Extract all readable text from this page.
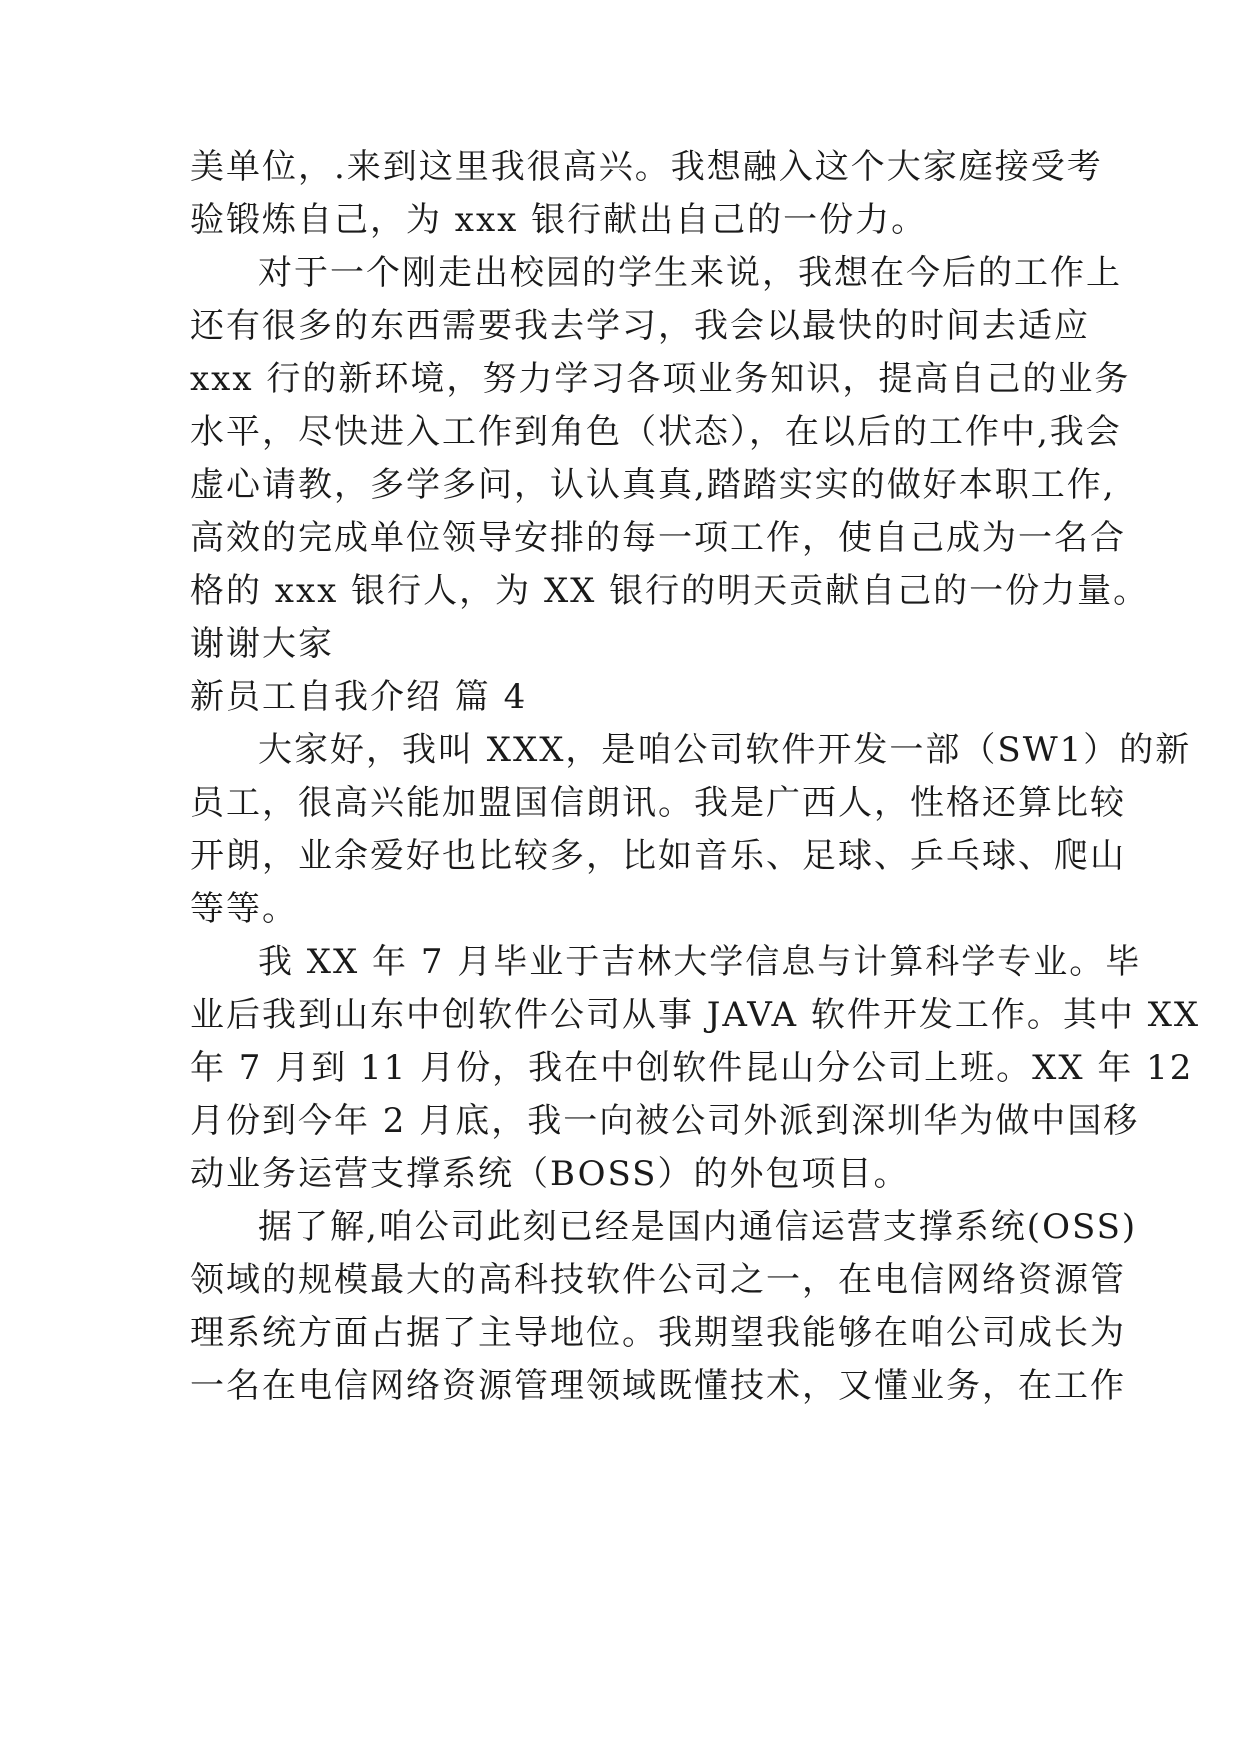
美单位，.来到这里我很高兴。我想融入这个大家庭接受考
验锻炼自己，为 xxx 银行献出自己的一份力。
对于一个刚走出校园的学生来说，我想在今后的工作上
还有很多的东西需要我去学习，我会以最快的时间去适应
xxx 行的新环境，努力学习各项业务知识，提高自己的业务
水平，尽快进入工作到角色（状态），在以后的工作中,我会
虚心请教，多学多问，认认真真,踏踏实实的做好本职工作,
高效的完成单位领导安排的每一项工作，使自己成为一名合
格的 xxx 银行人，为 XX 银行的明天贡献自己的一份力量。
谢谢大家
新员工自我介绍 篇 4
大家好，我叫 XXX，是咱公司软件开发一部（SW1）的新
员工，很高兴能加盟国信朗讯。我是广西人，性格还算比较
开朗，业余爱好也比较多，比如音乐、足球、乒乓球、爬山
等等。
我 XX 年 7 月毕业于吉林大学信息与计算科学专业。毕
业后我到山东中创软件公司从事 JAVA 软件开发工作。其中 XX
年 7 月到 11 月份，我在中创软件昆山分公司上班。XX 年 12
月份到今年 2 月底，我一向被公司外派到深圳华为做中国移
动业务运营支撑系统（BOSS）的外包项目。
据了解,咱公司此刻已经是国内通信运营支撑系统(OSS)
领域的规模最大的高科技软件公司之一，在电信网络资源管
理系统方面占据了主导地位。我期望我能够在咱公司成长为
一名在电信网络资源管理领域既懂技术，又懂业务，在工作
